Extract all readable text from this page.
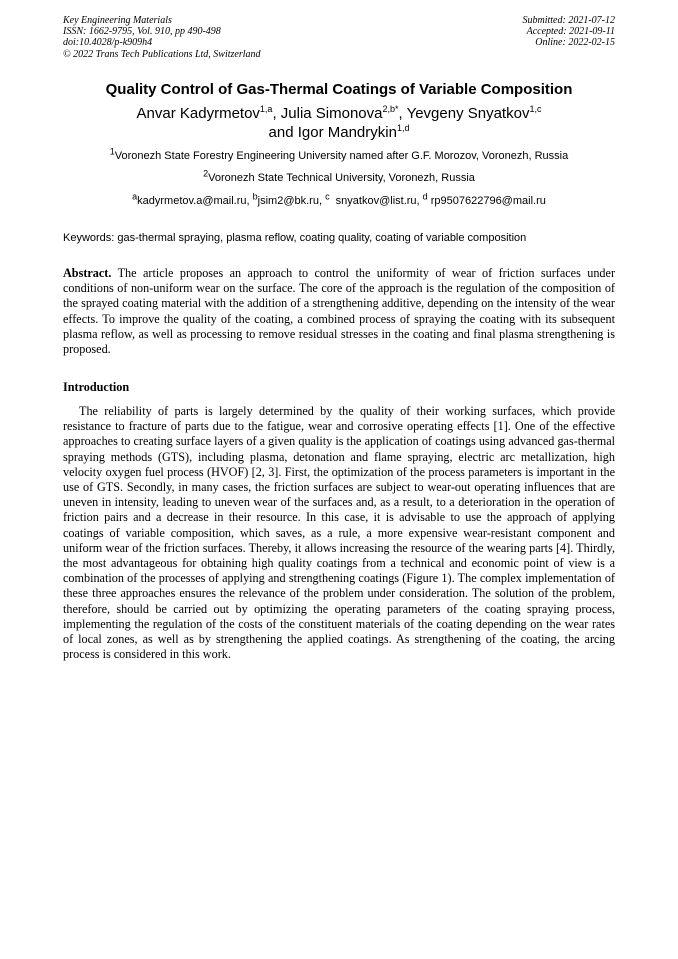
Key Engineering Materials
ISSN: 1662-9795, Vol. 910, pp 490-498
doi:10.4028/p-k909h4
© 2022 Trans Tech Publications Ltd, Switzerland
Submitted: 2021-07-12
Accepted: 2021-09-11
Online: 2022-02-15
Quality Control of Gas-Thermal Coatings of Variable Composition
Anvar Kadyrmetov$^{1,a}$, Julia Simonova$^{2,b*}$, Yevgeny Snyatkov$^{1,c}$
and Igor Mandrykin$^{1,d}$
$^1$Voronezh State Forestry Engineering University named after G.F. Morozov, Voronezh, Russia
$^2$Voronezh State Technical University, Voronezh, Russia
$^a$kadyrmetov.a@mail.ru, $^b$jsim2@bk.ru, $^c$  snyatkov@list.ru, $^d$ rp9507622796@mail.ru
Keywords: gas-thermal spraying, plasma reflow, coating quality, coating of variable composition
Abstract. The article proposes an approach to control the uniformity of wear of friction surfaces under conditions of non-uniform wear on the surface. The core of the approach is the regulation of the composition of the sprayed coating material with the addition of a strengthening additive, depending on the intensity of the wear effects. To improve the quality of the coating, a combined process of spraying the coating with its subsequent plasma reflow, as well as processing to remove residual stresses in the coating and final plasma strengthening is proposed.
Introduction
The reliability of parts is largely determined by the quality of their working surfaces, which provide resistance to fracture of parts due to the fatigue, wear and corrosive operating effects [1]. One of the effective approaches to creating surface layers of a given quality is the application of coatings using advanced gas-thermal spraying methods (GTS), including plasma, detonation and flame spraying, electric arc metallization, high velocity oxygen fuel process (HVOF) [2, 3]. First, the optimization of the process parameters is important in the use of GTS. Secondly, in many cases, the friction surfaces are subject to wear-out operating influences that are uneven in intensity, leading to uneven wear of the surfaces and, as a result, to a deterioration in the operation of friction pairs and a decrease in their resource. In this case, it is advisable to use the approach of applying coatings of variable composition, which saves, as a rule, a more expensive wear-resistant component and uniform wear of the friction surfaces. Thereby, it allows increasing the resource of the wearing parts [4]. Thirdly, the most advantageous for obtaining high quality coatings from a technical and economic point of view is a combination of the processes of applying and strengthening coatings (Figure 1). The complex implementation of these three approaches ensures the relevance of the problem under consideration. The solution of the problem, therefore, should be carried out by optimizing the operating parameters of the coating spraying process, implementing the regulation of the costs of the constituent materials of the coating depending on the wear rates of local zones, as well as by strengthening the applied coatings. As strengthening of the coating, the arcing process is considered in this work.
